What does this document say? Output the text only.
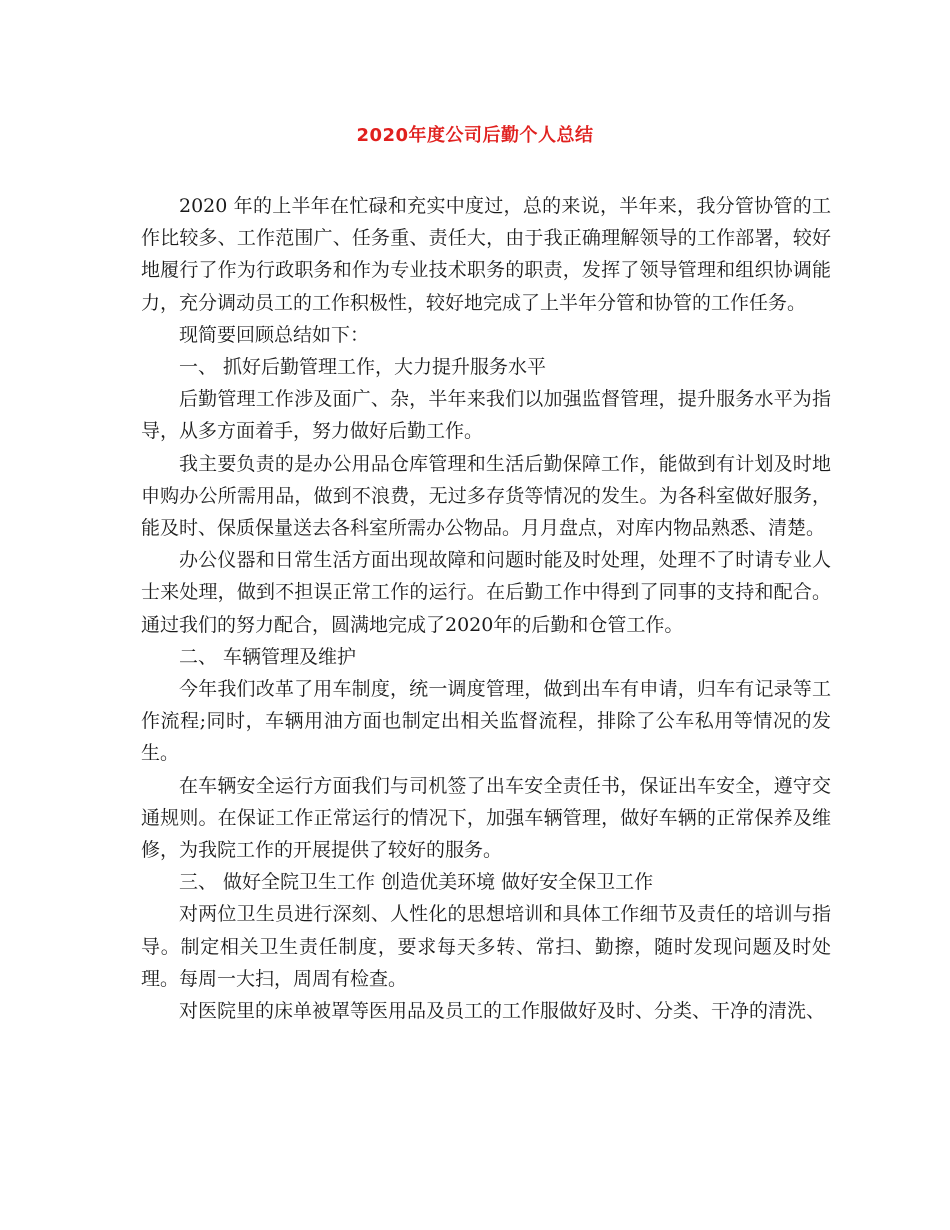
2020年度公司后勤个人总结

2020 年的上半年在忙碌和充实中度过，总的来说，半年来，我分管协管的工作比较多、工作范围广、任务重、责任大，由于我正确理解领导的工作部署，较好地履行了作为行政职务和作为专业技术职务的职责，发挥了领导管理和组织协调能力，充分调动员工的工作积极性，较好地完成了上半年分管和协管的工作任务。

现简要回顾总结如下：

一、 抓好后勤管理工作，大力提升服务水平

后勤管理工作涉及面广、杂，半年来我们以加强监督管理，提升服务水平为指导，从多方面着手，努力做好后勤工作。

我主要负责的是办公用品仓库管理和生活后勤保障工作，能做到有计划及时地申购办公所需用品，做到不浪费，无过多存货等情况的发生。为各科室做好服务，能及时、保质保量送去各科室所需办公物品。月月盘点，对库内物品熟悉、清楚。

办公仪器和日常生活方面出现故障和问题时能及时处理，处理不了时请专业人士来处理，做到不担误正常工作的运行。在后勤工作中得到了同事的支持和配合。通过我们的努力配合，圆满地完成了2020年的后勤和仓管工作。

二、 车辆管理及维护

今年我们改革了用车制度，统一调度管理，做到出车有申请，归车有记录等工作流程;同时，车辆用油方面也制定出相关监督流程，排除了公车私用等情况的发生。

在车辆安全运行方面我们与司机签了出车安全责任书，保证出车安全，遵守交通规则。在保证工作正常运行的情况下，加强车辆管理，做好车辆的正常保养及维修，为我院工作的开展提供了较好的服务。

三、 做好全院卫生工作 创造优美环境 做好安全保卫工作

对两位卫生员进行深刻、人性化的思想培训和具体工作细节及责任的培训与指导。制定相关卫生责任制度，要求每天多转、常扫、勤擦，随时发现问题及时处理。每周一大扫，周周有检查。

对医院里的床单被罩等医用品及员工的工作服做好及时、分类、干净的清洗、
